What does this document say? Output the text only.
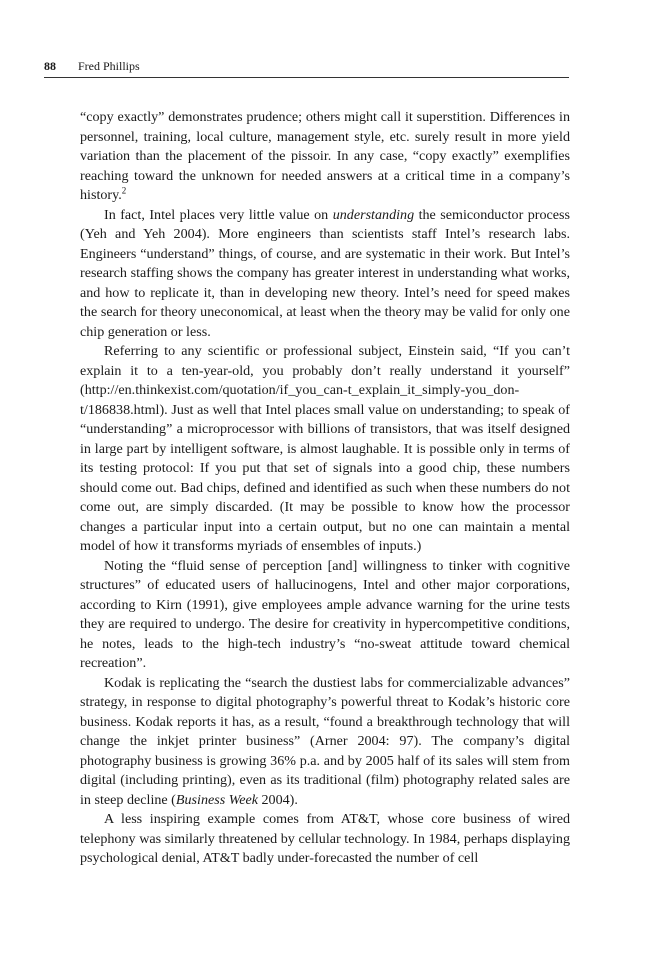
88 Fred Phillips

“copy exactly” demonstrates prudence; others might call it superstition. Differences in personnel, training, local culture, management style, etc. surely result in more yield variation than the placement of the pissoir. In any case, “copy exactly” exemplifies reaching toward the unknown for needed answers at a critical time in a company’s history.$^2$

In fact, Intel places very little value on understanding the semiconductor process (Yeh and Yeh 2004). More engineers than scientists staff Intel’s research labs. Engineers “understand” things, of course, and are systematic in their work. But Intel’s research staffing shows the company has greater interest in understanding what works, and how to replicate it, than in developing new theory. Intel’s need for speed makes the search for theory uneconomical, at least when the theory may be valid for only one chip generation or less.

Referring to any scientific or professional subject, Einstein said, “If you can’t explain it to a ten-year-old, you probably don’t really understand it yourself” (http://en.thinkexist.com/quotation/if_you_can-t_explain_it_simply-you_don-t/186838.html). Just as well that Intel places small value on understanding; to speak of “understanding” a microprocessor with billions of transistors, that was itself designed in large part by intelligent software, is almost laughable. It is possible only in terms of its testing protocol: If you put that set of signals into a good chip, these numbers should come out. Bad chips, defined and identified as such when these numbers do not come out, are simply discarded. (It may be possible to know how the processor changes a particular input into a certain output, but no one can maintain a mental model of how it transforms myriads of ensembles of inputs.)

Noting the “fluid sense of perception [and] willingness to tinker with cognitive structures” of educated users of hallucinogens, Intel and other major corporations, according to Kirn (1991), give employees ample advance warning for the urine tests they are required to undergo. The desire for creativity in hypercompetitive conditions, he notes, leads to the high-tech industry’s “no-sweat attitude toward chemical recreation”.

Kodak is replicating the “search the dustiest labs for commercializable advances” strategy, in response to digital photography’s powerful threat to Kodak’s historic core business. Kodak reports it has, as a result, “found a breakthrough technology that will change the inkjet printer business” (Arner 2004: 97). The company’s digital photography business is growing 36% p.a. and by 2005 half of its sales will stem from digital (including printing), even as its traditional (film) photography related sales are in steep decline (Business Week 2004).

A less inspiring example comes from AT&T, whose core business of wired telephony was similarly threatened by cellular technology. In 1984, perhaps displaying psychological denial, AT&T badly under-forecasted the number of cell
